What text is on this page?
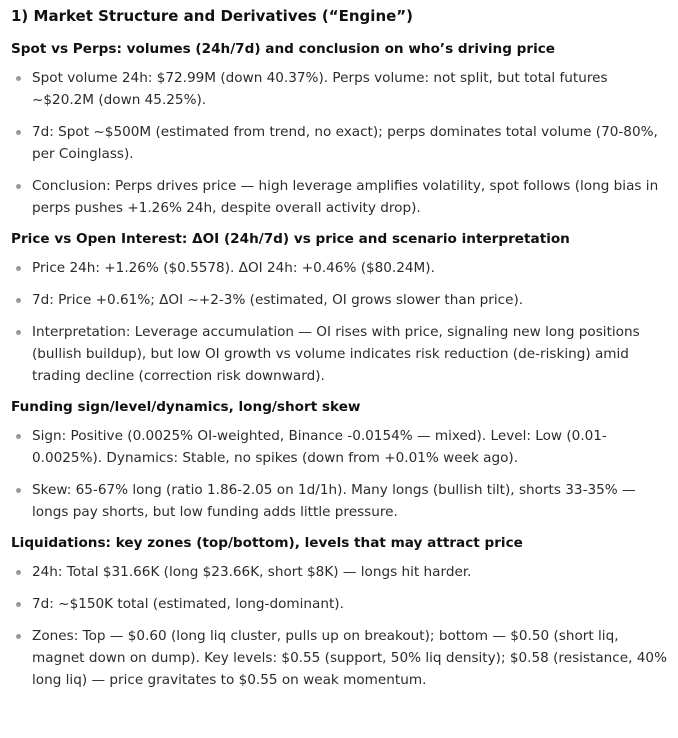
1) Market Structure and Derivatives (“Engine”)
Spot vs Perps: volumes (24h/7d) and conclusion on who’s driving price
Spot volume 24h: $72.99M (down 40.37%). Perps volume: not split, but total futures ~$20.2M (down 45.25%).
7d: Spot ~$500M (estimated from trend, no exact); perps dominates total volume (70-80%, per Coinglass).
Conclusion: Perps drives price — high leverage amplifies volatility, spot follows (long bias in perps pushes +1.26% 24h, despite overall activity drop).
Price vs Open Interest: ΔOI (24h/7d) vs price and scenario interpretation
Price 24h: +1.26% ($0.5578). ΔOI 24h: +0.46% ($80.24M).
7d: Price +0.61%; ΔOI ~+2-3% (estimated, OI grows slower than price).
Interpretation: Leverage accumulation — OI rises with price, signaling new long positions (bullish buildup), but low OI growth vs volume indicates risk reduction (de-risking) amid trading decline (correction risk downward).
Funding sign/level/dynamics, long/short skew
Sign: Positive (0.0025% OI-weighted, Binance -0.0154% — mixed). Level: Low (0.01-0.0025%). Dynamics: Stable, no spikes (down from +0.01% week ago).
Skew: 65-67% long (ratio 1.86-2.05 on 1d/1h). Many longs (bullish tilt), shorts 33-35% — longs pay shorts, but low funding adds little pressure.
Liquidations: key zones (top/bottom), levels that may attract price
24h: Total $31.66K (long $23.66K, short $8K) — longs hit harder.
7d: ~$150K total (estimated, long-dominant).
Zones: Top — $0.60 (long liq cluster, pulls up on breakout); bottom — $0.50 (short liq, magnet down on dump). Key levels: $0.55 (support, 50% liq density); $0.58 (resistance, 40% long liq) — price gravitates to $0.55 on weak momentum.
